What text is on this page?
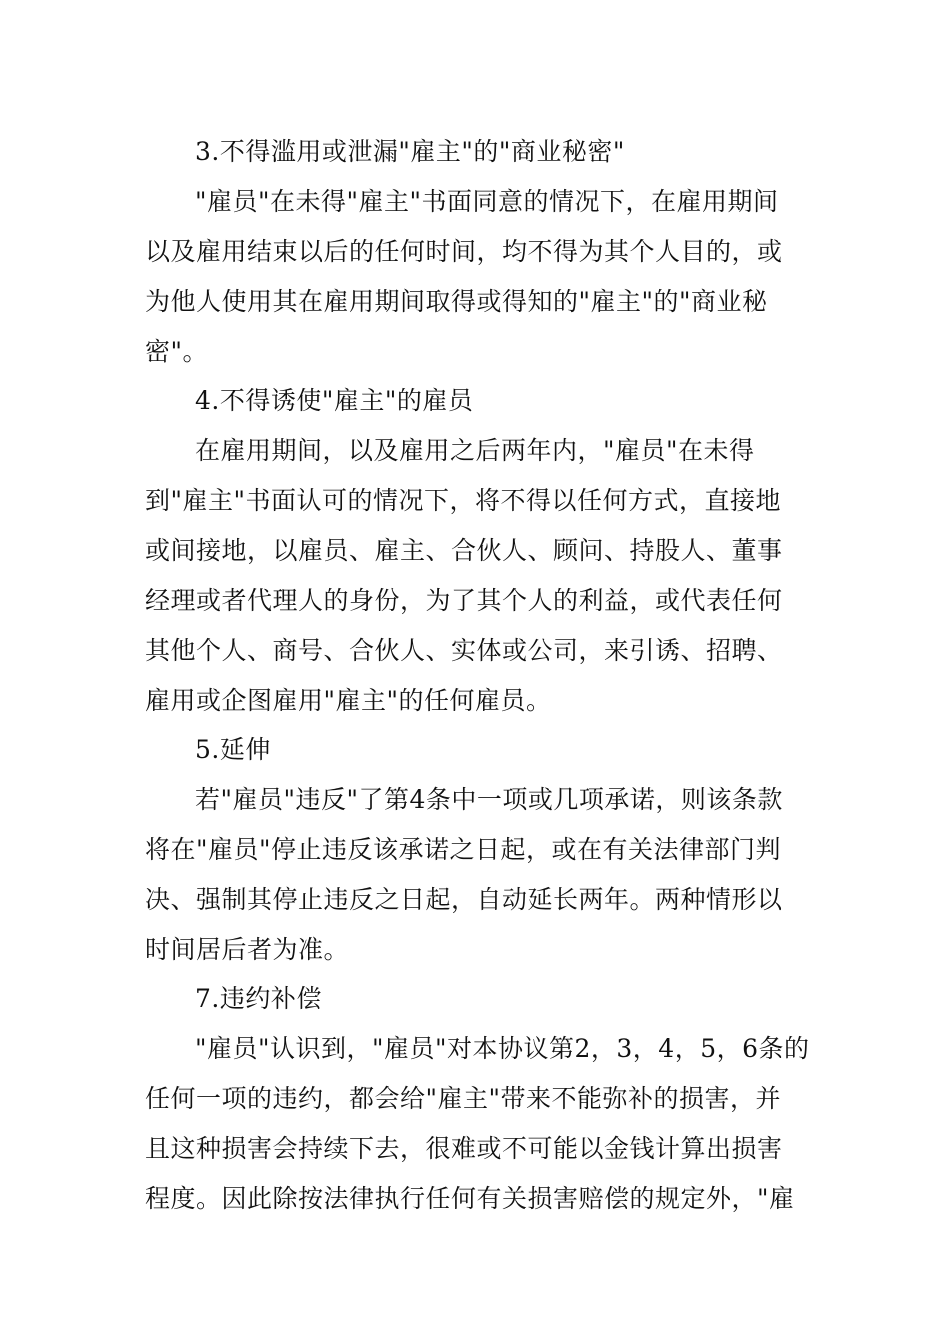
3.不得滥用或泄漏"雇主"的"商业秘密"
"雇员"在未得"雇主"书面同意的情况下，在雇用期间
以及雇用结束以后的任何时间，均不得为其个人目的，或
为他人使用其在雇用期间取得或得知的"雇主"的"商业秘
密"。
4.不得诱使"雇主"的雇员
在雇用期间，以及雇用之后两年内，"雇员"在未得
到"雇主"书面认可的情况下，将不得以任何方式，直接地
或间接地，以雇员、雇主、合伙人、顾问、持股人、董事
经理或者代理人的身份，为了其个人的利益，或代表任何
其他个人、商号、合伙人、实体或公司，来引诱、招聘、
雇用或企图雇用"雇主"的任何雇员。
5.延伸
若"雇员"违反"了第4条中一项或几项承诺，则该条款
将在"雇员"停止违反该承诺之日起，或在有关法律部门判
决、强制其停止违反之日起，自动延长两年。两种情形以
时间居后者为准。
7.违约补偿
"雇员"认识到，"雇员"对本协议第2，3，4，5，6条的
任何一项的违约，都会给"雇主"带来不能弥补的损害，并
且这种损害会持续下去，很难或不可能以金钱计算出损害
程度。因此除按法律执行任何有关损害赔偿的规定外，"雇
